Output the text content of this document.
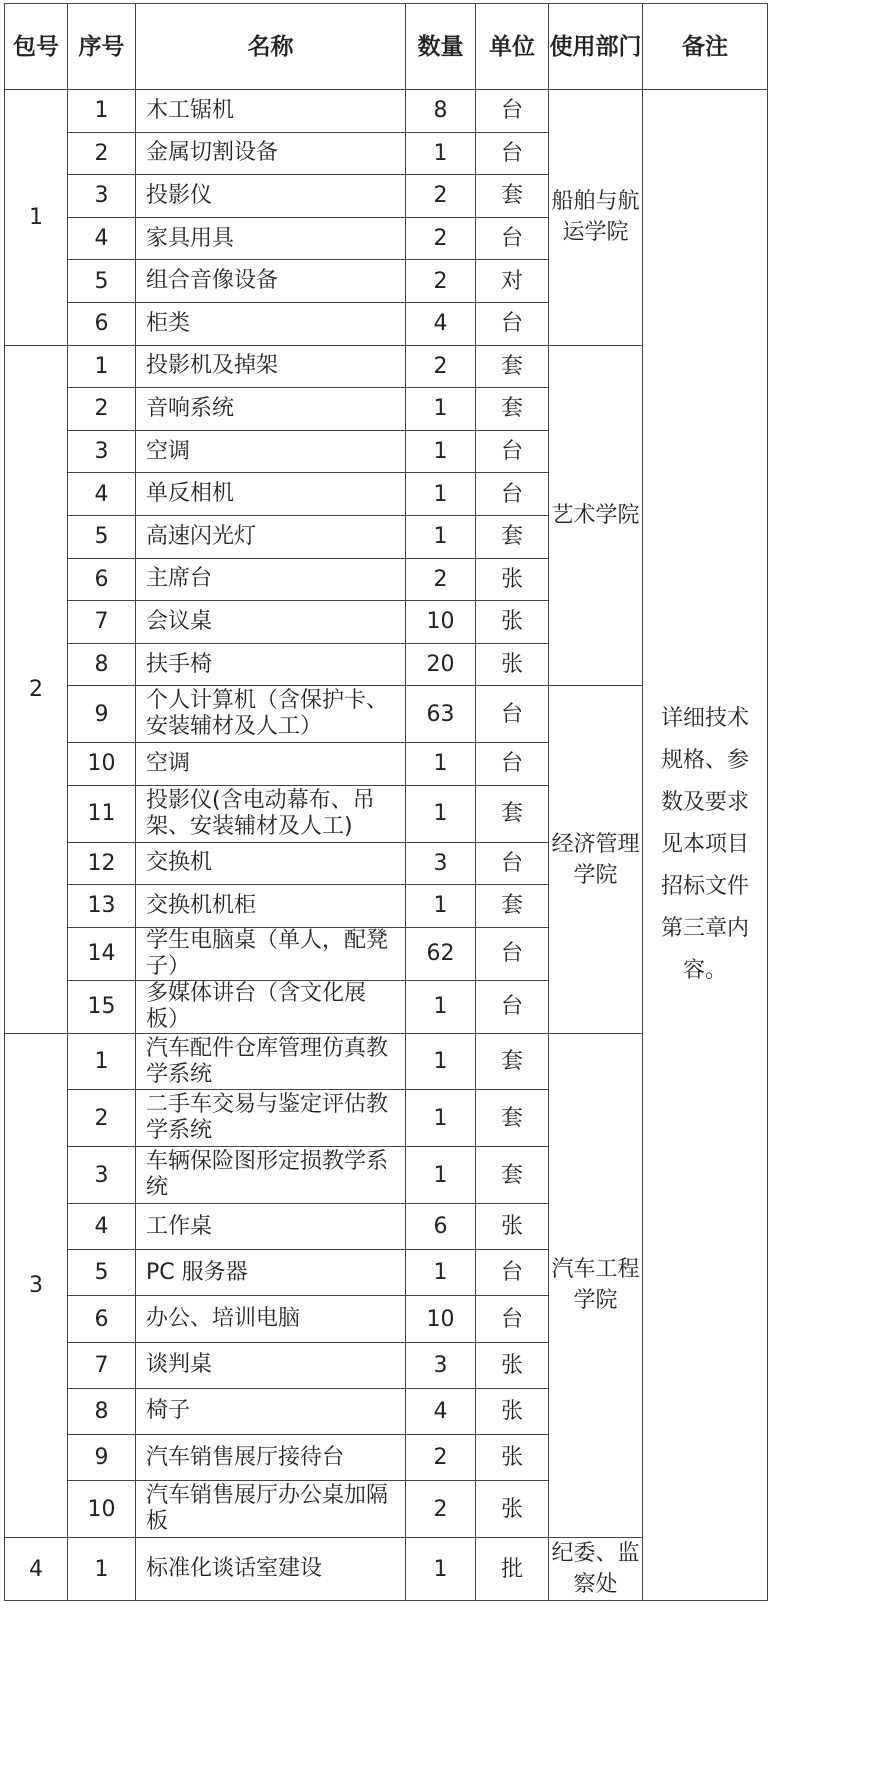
包号	序号	名称	数量	单位	使用部门	备注
1	1	木工锯机	8	台	船舶与航运学院	详细技术规格、参数及要求见本项目招标文件第三章内容。
	2	金属切割设备	1	台		
	3	投影仪	2	套		
	4	家具用具	2	台		
	5	组合音像设备	2	对		
	6	柜类	4	台		
2	1	投影机及掉架	2	套	艺术学院	
	2	音响系统	1	套		
	3	空调	1	台		
	4	单反相机	1	台		
	5	高速闪光灯	1	套		
	6	主席台	2	张		
	7	会议桌	10	张		
	8	扶手椅	20	张		
	9	个人计算机（含保护卡、安装辅材及人工）	63	台	经济管理学院	
	10	空调	1	台		
	11	投影仪(含电动幕布、吊架、安装辅材及人工)	1	套		
	12	交换机	3	台		
	13	交换机机柜	1	套		
	14	学生电脑桌（单人，配凳子）	62	台		
	15	多媒体讲台（含文化展板）	1	台		
3	1	汽车配件仓库管理仿真教学系统	1	套	汽车工程学院	
	2	二手车交易与鉴定评估教学系统	1	套		
	3	车辆保险图形定损教学系统	1	套		
	4	工作桌	6	张		
	5	PC 服务器	1	台		
	6	办公、培训电脑	10	台		
	7	谈判桌	3	张		
	8	椅子	4	张		
	9	汽车销售展厅接待台	2	张		
	10	汽车销售展厅办公桌加隔板	2	张		
4	1	标准化谈话室建设	1	批	纪委、监察处	
